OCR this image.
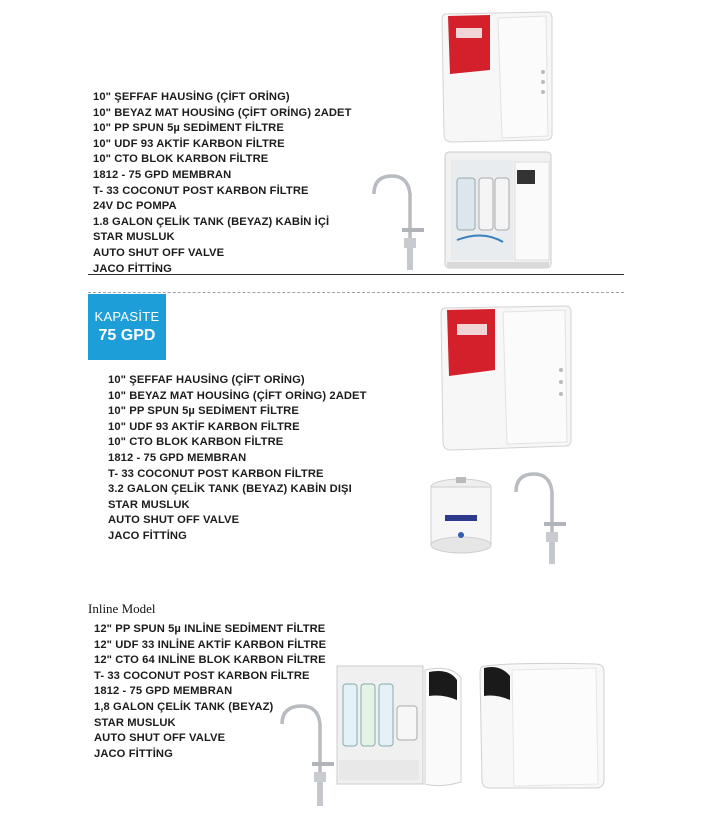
10" ŞEFFAF HAUSİNG (ÇİFT ORİNG)
10" BEYAZ MAT HOUSİNG (ÇİFT ORİNG) 2ADET
10" PP SPUN 5µ SEDİMENT FİLTRE
10" UDF 93 AKTİF KARBON FİLTRE
10" CTO BLOK KARBON FİLTRE
1812 - 75 GPD MEMBRAN
T- 33 COCONUT POST KARBON FİLTRE
24V DC POMPA
1.8 GALON ÇELİK TANK (BEYAZ) KABİN İÇİ
STAR MUSLUK
AUTO SHUT OFF VALVE
JACO FİTTİNG
KAPASİTE
75 GPD
10" ŞEFFAF HAUSİNG (ÇİFT ORİNG)
10" BEYAZ MAT HOUSİNG (ÇİFT ORİNG) 2ADET
10" PP SPUN 5µ SEDİMENT FİLTRE
10" UDF 93 AKTİF KARBON FİLTRE
10" CTO BLOK KARBON FİLTRE
1812 - 75 GPD MEMBRAN
T- 33 COCONUT POST KARBON FİLTRE
3.2 GALON ÇELİK TANK (BEYAZ) KABİN DIŞI
STAR MUSLUK
AUTO SHUT OFF VALVE
JACO FİTTİNG
Inline Model
12" PP SPUN 5µ INLİNE SEDİMENT FİLTRE
12" UDF 33 INLİNE AKTİF KARBON FİLTRE
12" CTO 64 INLİNE BLOK KARBON FİLTRE
T- 33 COCONUT POST KARBON FİLTRE
1812 - 75 GPD MEMBRAN
1,8 GALON ÇELİK TANK (BEYAZ)
STAR MUSLUK
AUTO SHUT OFF VALVE
JACO FİTTİNG
